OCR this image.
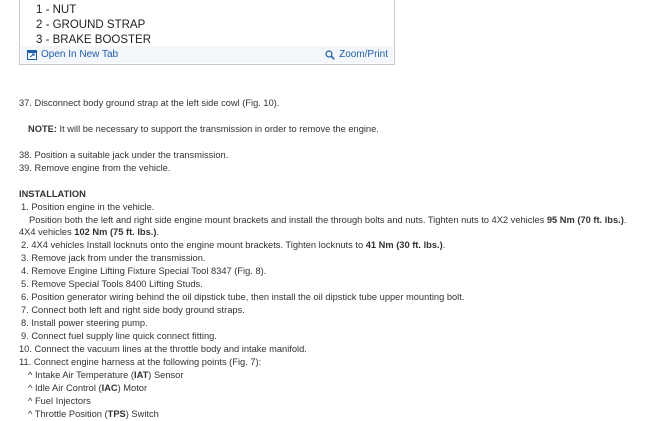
1 - NUT
2 - GROUND STRAP
3 - BRAKE BOOSTER
Open In New Tab	Zoom/Print
37. Disconnect body ground strap at the left side cowl (Fig. 10).
NOTE: It will be necessary to support the transmission in order to remove the engine.
38. Position a suitable jack under the transmission.
39. Remove engine from the vehicle.
INSTALLATION
1. Position engine in the vehicle.
Position both the left and right side engine mount brackets and install the through bolts and nuts. Tighten nuts to 4X2 vehicles 95 Nm (70 ft. lbs.). 4X4 vehicles 102 Nm (75 ft. lbs.).
2. 4X4 vehicles Install locknuts onto the engine mount brackets. Tighten locknuts to 41 Nm (30 ft. lbs.).
3. Remove jack from under the transmission.
4. Remove Engine Lifting Fixture Special Tool 8347 (Fig. 8).
5. Remove Special Tools 8400 Lifting Studs.
6. Position generator wiring behind the oil dipstick tube, then install the oil dipstick tube upper mounting bolt.
7. Connect both left and right side body ground straps.
8. Install power steering pump.
9. Connect fuel supply line quick connect fitting.
10. Connect the vacuum lines at the throttle body and intake manifold.
11. Connect engine harness at the following points (Fig. 7):
^ Intake Air Temperature (IAT) Sensor
^ Idle Air Control (IAC) Motor
^ Fuel Injectors
^ Throttle Position (TPS) Switch
